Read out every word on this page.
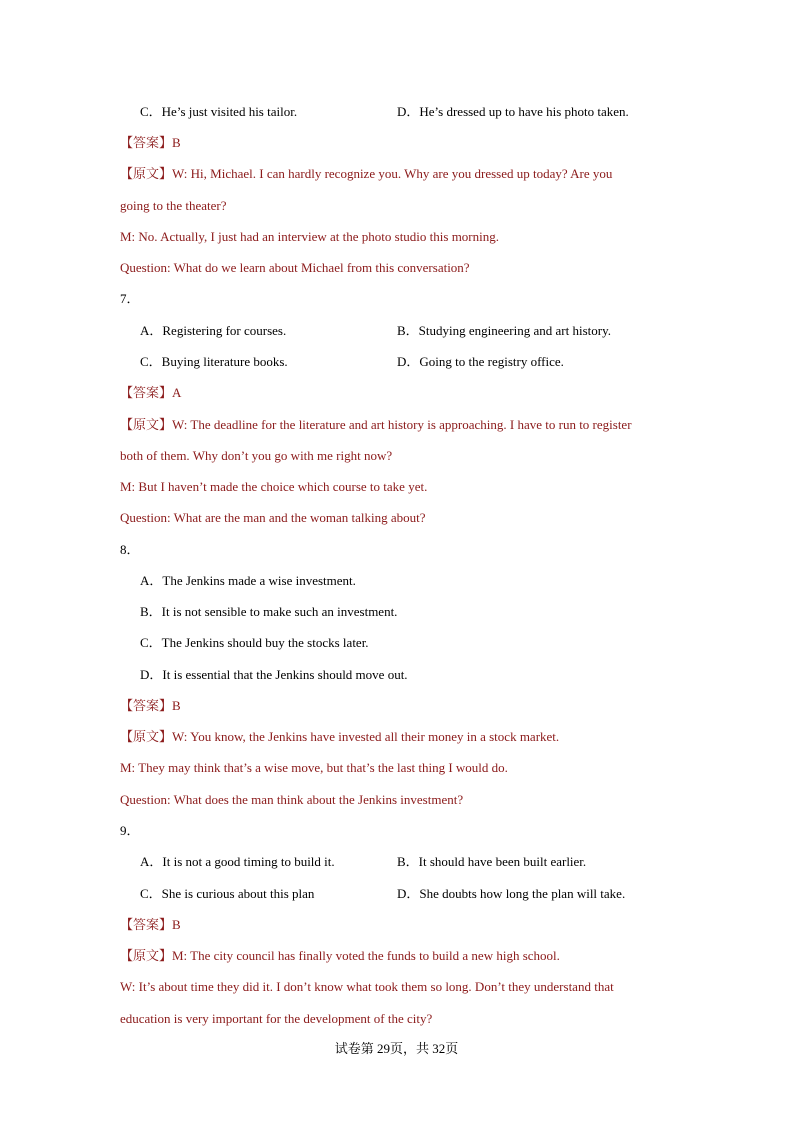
C．He’s just visited his tailor.	D．He’s dressed up to have his photo taken.
【答案】B
【原文】W: Hi, Michael. I can hardly recognize you. Why are you dressed up today? Are you
going to the theater?
M: No. Actually, I just had an interview at the photo studio this morning.
Question: What do we learn about Michael from this conversation?
7．
A．Registering for courses.	B．Studying engineering and art history.
C．Buying literature books.	D．Going to the registry office.
【答案】A
【原文】W: The deadline for the literature and art history is approaching. I have to run to register
both of them. Why don’t you go with me right now?
M: But I haven’t made the choice which course to take yet.
Question: What are the man and the woman talking about?
8．
A．The Jenkins made a wise investment.
B．It is not sensible to make such an investment.
C．The Jenkins should buy the stocks later.
D．It is essential that the Jenkins should move out.
【答案】B
【原文】W: You know, the Jenkins have invested all their money in a stock market.
M: They may think that’s a wise move, but that’s the last thing I would do.
Question: What does the man think about the Jenkins investment?
9．
A．It is not a good timing to build it.	B．It should have been built earlier.
C．She is curious about this plan	D．She doubts how long the plan will take.
【答案】B
【原文】M: The city council has finally voted the funds to build a new high school.
W: It’s about time they did it. I don’t know what took them so long. Don’t they understand that
education is very important for the development of the city?
试卷第 29页，共 32页
